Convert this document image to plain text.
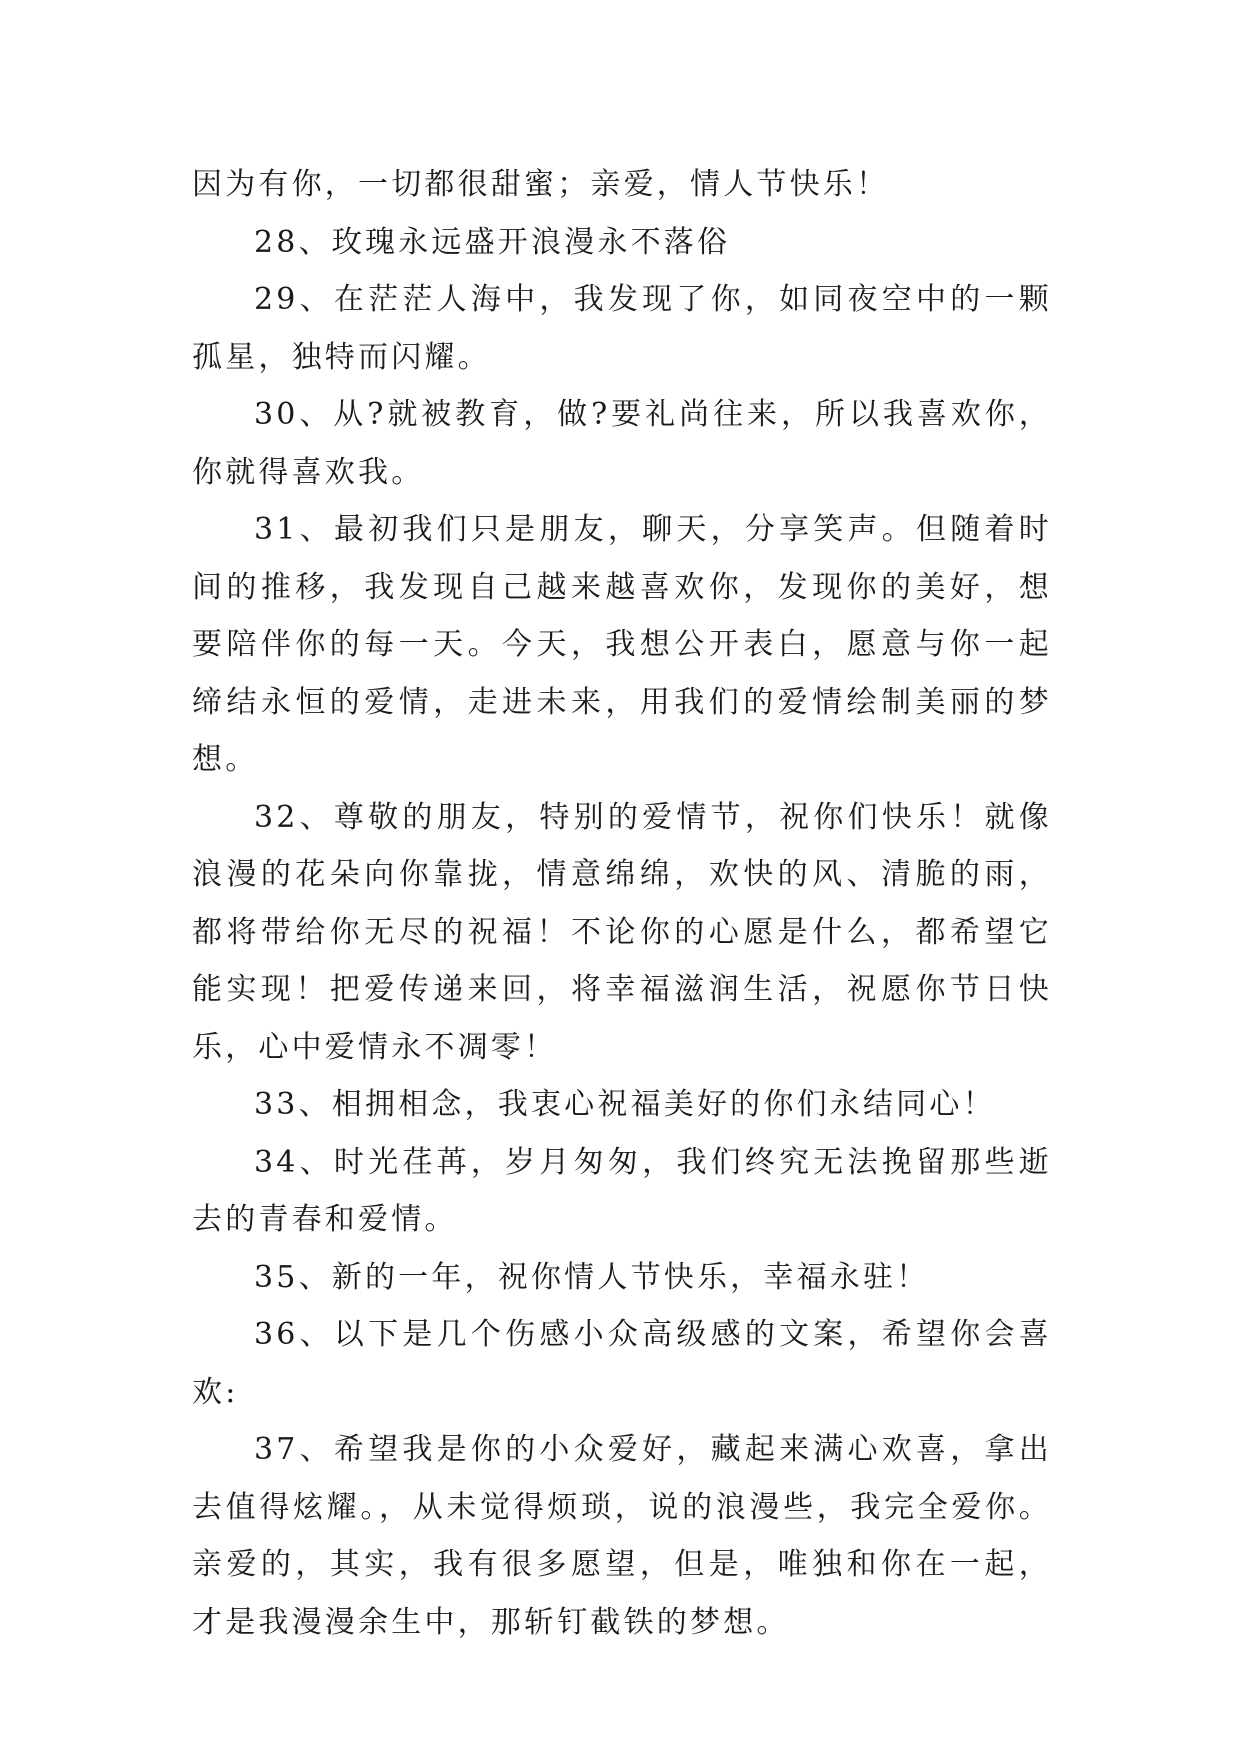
因为有你，一切都很甜蜜；亲爱，情人节快乐！

28、玫瑰永远盛开浪漫永不落俗

29、在茫茫人海中，我发现了你，如同夜空中的一颗孤星，独特而闪耀。

30、从?就被教育，做?要礼尚往来，所以我喜欢你，你就得喜欢我。

31、最初我们只是朋友，聊天，分享笑声。但随着时间的推移，我发现自己越来越喜欢你，发现你的美好，想要陪伴你的每一天。今天，我想公开表白，愿意与你一起缔结永恒的爱情，走进未来，用我们的爱情绘制美丽的梦想。

32、尊敬的朋友，特别的爱情节，祝你们快乐！就像浪漫的花朵向你靠拢，情意绵绵，欢快的风、清脆的雨，都将带给你无尽的祝福！不论你的心愿是什么，都希望它能实现！把爱传递来回，将幸福滋润生活，祝愿你节日快乐，心中爱情永不凋零！

33、相拥相念，我衷心祝福美好的你们永结同心！

34、时光荏苒，岁月匆匆，我们终究无法挽留那些逝去的青春和爱情。

35、新的一年，祝你情人节快乐，幸福永驻！

36、以下是几个伤感小众高级感的文案，希望你会喜欢:

37、希望我是你的小众爱好，藏起来满心欢喜，拿出去值得炫耀。，从未觉得烦琐，说的浪漫些，我完全爱你。亲爱的，其实，我有很多愿望，但是，唯独和你在一起，才是我漫漫余生中，那斩钉截铁的梦想。
